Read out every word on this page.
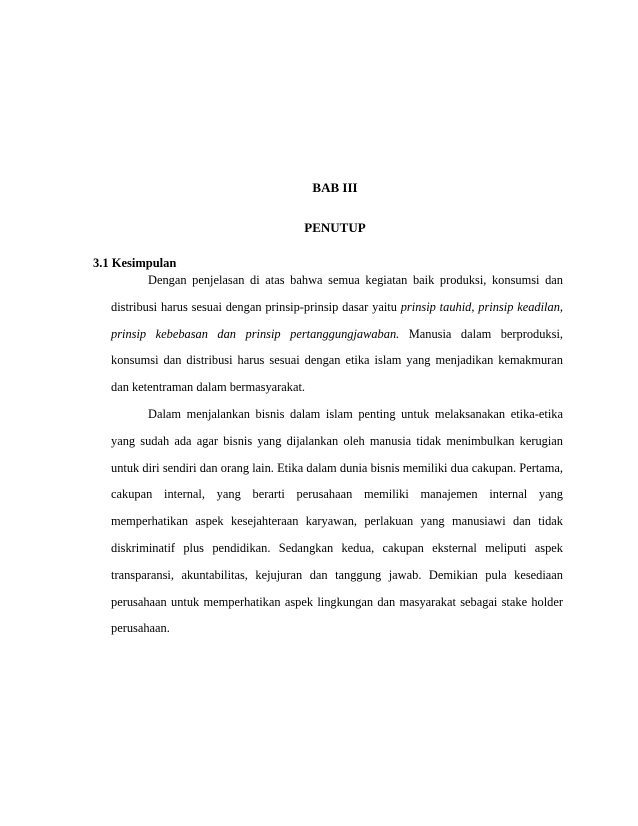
BAB III
PENUTUP
3.1 Kesimpulan

Dengan penjelasan di atas bahwa semua kegiatan baik produksi, konsumsi dan distribusi harus sesuai dengan prinsip-prinsip dasar yaitu prinsip tauhid, prinsip keadilan, prinsip kebebasan dan prinsip pertanggungjawaban. Manusia dalam berproduksi, konsumsi dan distribusi harus sesuai dengan etika islam yang menjadikan kemakmuran dan ketentraman dalam bermasyarakat.

Dalam menjalankan bisnis dalam islam penting untuk melaksanakan etika-etika yang sudah ada agar bisnis yang dijalankan oleh manusia tidak menimbulkan kerugian untuk diri sendiri dan orang lain. Etika dalam dunia bisnis memiliki dua cakupan. Pertama, cakupan internal, yang berarti perusahaan memiliki manajemen internal yang memperhatikan aspek kesejahteraan karyawan, perlakuan yang manusiawi dan tidak diskriminatif plus pendidikan. Sedangkan kedua, cakupan eksternal meliputi aspek transparansi, akuntabilitas, kejujuran dan tanggung jawab. Demikian pula kesediaan perusahaan untuk memperhatikan aspek lingkungan dan masyarakat sebagai stake holder perusahaan.
